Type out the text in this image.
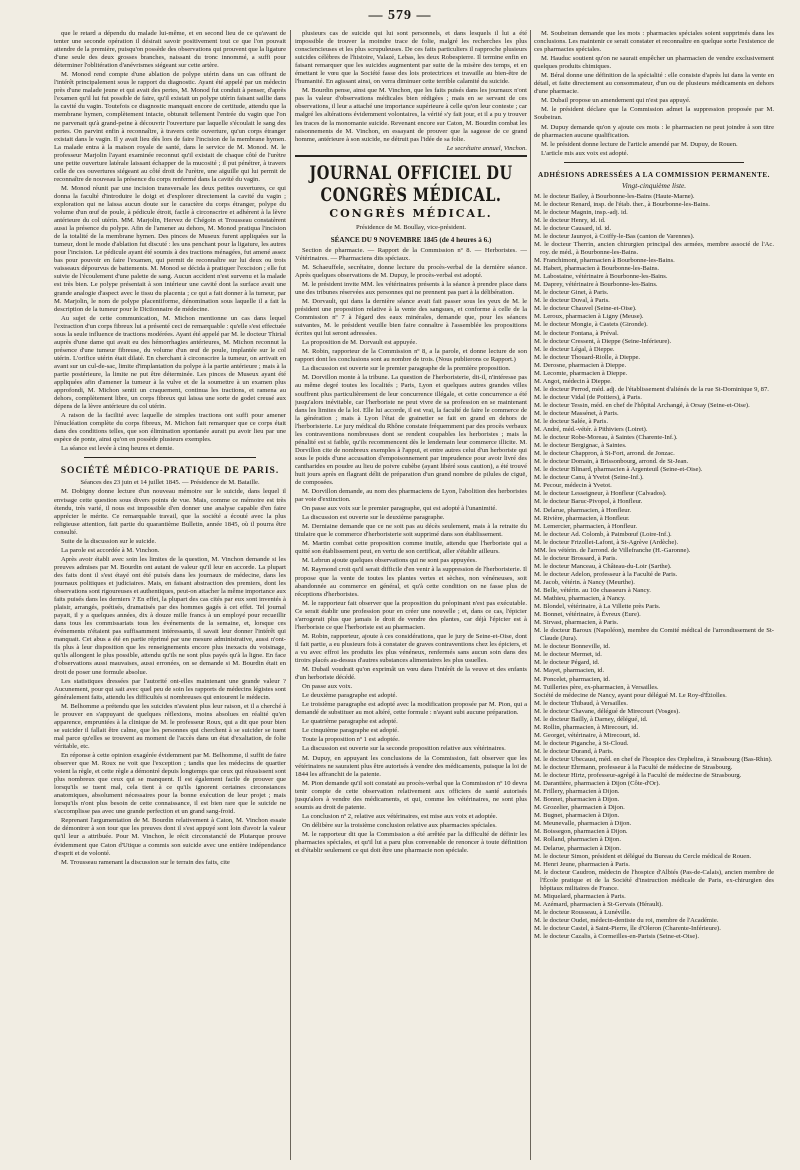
— 579 —

que le retard a dépendu du malade lui-même, et en second lieu de ce qu'avant de tenter une seconde opération il désirait savoir positivement tout ce que l'on pouvait attendre de la première, puisqu'on possède des observations qui prouvent que la ligature d'une seule des deux grosses branches, naissant du tronc innommé, a suffi pour déterminer l'oblitération d'anévrismes siégeant sur cette artère.

M. Monod rend compte d'une ablation de polype utérin dans un cas offrant de l'intérêt principalement sous le rapport du diagnostic. Ayant été appelé par un médecin près d'une malade jeune et qui avait des pertes, M. Monod fut conduit à penser, d'après l'examen qu'il lui fut possible de faire, qu'il existait un polype utérin faisant saillie dans la cavité du vagin. Toutefois ce diagnostic manquait encore de certitude, attendu que la membrane hymen, complètement intacte, obturait tellement l'entrée du vagin que l'on ne parvenait qu'à grand-peine à découvrir l'ouverture par laquelle s'écoulait le sang des pertes. On parvint enfin à reconnaître, à travers cette ouverture, qu'un corps étranger existait dans le vagin. Il y avait lieu dès lors de faire l'incision de la membrane hymen. La malade entra à la maison royale de santé, dans le service de M. Monod. M. le professeur Marjolin l'ayant examinée reconnut qu'il existait de chaque côté de l'urètre une petite ouverture latérale laissant échapper de la mucosité ; il put pénétrer, à travers celle de ces ouvertures siégeant au côté droit de l'urètre, une aiguille qui lui permit de reconnaître de nouveau la présence du corps renfermé dans la cavité du vagin.

M. Monod réunit par une incision transversale les deux petites ouvertures, ce qui donna la faculté d'introduire le doigt et d'explorer directement la cavité du vagin ; exploration qui ne laissa aucun doute sur le caractère du corps étranger, polype du volume d'un œuf de poule, à pédicule étroit, facile à circonscrire et adhérent à la lèvre antérieure du col utérin. MM. Marjolin, Hervez de Chégoin et Trousseau constatèrent aussi la présence du polype. Afin de l'amener au dehors, M. Monod pratiqua l'incision de la totalité de la membrane hymen. Des pinces de Museux furent appliquées sur la tumeur, dont le mode d'ablation fut discuté : les uns penchant pour la ligature, les autres pour l'incision. Le pédicule ayant été soumis à des tractions ménagées, fut amené assez bas pour pouvoir en faire l'examen, qui permit de reconnaître sur lui deux ou trois vaisseaux dépourvus de battements. M. Monod se décida à pratiquer l'excision ; elle fut suivie de l'écoulement d'une palette de sang. Aucun accident n'est survenu et la malade est très bien. Le polype présentait à son intérieur une cavité dont la surface avait une grande analogie d'aspect avec le tissu du placenta ; ce qui a fait donner à la tumeur, par M. Marjolin, le nom de polype placentiforme, dénomination sous laquelle il a fait la description de la tumeur pour le Dictionnaire de médecine.

Au sujet de cette communication, M. Michon mentionne un cas dans lequel l'extraction d'un corps fibreux lui a présenté ceci de remarquable : qu'elle s'est effectuée sous la seule influence de tractions modérées. Ayant été appelé par M. le docteur Thirial auprès d'une dame qui avait eu des hémorrhagies antérieures, M. Michon reconnut la présence d'une tumeur fibreuse, du volume d'un œuf de poule, implantée sur le col utérin. L'orifice utérin était dilaté. En cherchant à circonscrire la tumeur, on arrivait en avant sur un cul-de-sac, limite d'implantation du polype à la partie antérieure ; mais à la partie postérieure, la limite ne put être déterminée. Les pinces de Museux ayant été appliquées afin d'amener la tumeur à la vulve et de la soumettre à un examen plus approfondi, M. Michon sentit un craquement, continua les tractions, et ramena au dehors, complètement libre, un corps fibreux qui laissa une sorte de godet creusé aux dépens de la lèvre antérieure du col utérin.

A raison de la facilité avec laquelle de simples tractions ont suffi pour amener l'énucléation complète du corps fibreux, M. Michon fait remarquer que ce corps était dans des conditions telles, que son élimination spontanée aurait pu avoir lieu par une espèce de ponte, ainsi qu'on en possède plusieurs exemples.

La séance est levée à cinq heures et demie.

SOCIÉTÉ MÉDICO-PRATIQUE DE PARIS.

Séances des 23 juin et 14 juillet 1845. — Présidence de M. Bataille.

M. Dobigny donne lecture d'un nouveau mémoire sur le suicide, dans lequel il envisage cette question sous divers points de vue. Mais, comme ce mémoire est très étendu, très varié, il nous est impossible d'en donner une analyse capable d'en faire apprécier le mérite. Ce remarquable travail, que la société a écouté avec la plus religieuse attention, fait partie du quarantième Bulletin, année 1845, où il pourra être consulté.

Suite de la discussion sur le suicide.

La parole est accordée à M. Vinchon.

Après avoir établi avec soin les limites de la question, M. Vinchon demande si les preuves admises par M. Bourdin ont autant de valeur qu'il leur en accorde. La plupart des faits dont il s'est étayé ont été puisés dans les journaux de médecine, dans les journaux politiques et judiciaires. Mais, en faisant abstraction des premiers, dont les observations sont rigoureuses et authentiques, peut-on attacher la même importance aux faits puisés dans les derniers ? En effet, la plupart des cas cités par eux sont inventés à plaisir, arrangés, poétisés, dramatisés par des hommes gagés à cet effet. Tel journal payait, il y a quelques années, dix à douze mille francs à un employé pour recueillir dans tous les commissariats tous les événements de la semaine, et, lorsque ces événements n'étaient pas suffisamment intéressants, il savait leur donner l'intérêt qui manquait. Cet abus a été en partie réprimé par une mesure administrative, aussi n'ont-ils plus à leur disposition que les renseignements encore plus inexacts du voisinage, qu'ils allongent le plus possible, attendu qu'ils ne sont plus payés qu'à la ligne. En face d'observations aussi mauvaises, aussi erronées, on se demande si M. Bourdin était en droit de poser une formule absolue.

Les statistiques dressées par l'autorité ont-elles maintenant une grande valeur ? Aucunement, pour qui sait avec quel peu de soin les rapports de médecins légistes sont généralement faits, attendu les difficultés si nombreuses qui entourent le médecin.

M. Belhomme a prétendu que les suicides n'avaient plus leur raison, et il a cherché à le prouver en s'appuyant de quelques réflexions, moins absolues en réalité qu'en apparence, empruntées à la clinique de M. le professeur Roux, qui a dit que pour bien se suicider il fallait être calme, que les personnes qui cherchent à se suicider se tuent mal parce qu'elles se trouvent au moment de l'accès dans un état d'exaltation, de folie véritable, etc.

En réponse à cette opinion exagérée évidemment par M. Belhomme, il suffit de faire observer que M. Roux ne voit que l'exception ; tandis que les médecins de quartier voient la règle, et cette règle a démontré depuis longtemps que ceux qui réussissent sont plus nombreux que ceux qui se manquent. Il est également facile de prouver que lorsqu'ils se tuent mal, cela tient à ce qu'ils ignorent certaines circonstances anatomiques, absolument nécessaires pour la bonne exécution de leur projet ; mais lorsqu'ils n'ont plus besoin de cette connaissance, il est bien rare que le suicide ne s'accomplisse pas avec une grande perfection et un grand sang-froid.

Reprenant l'argumentation de M. Bourdin relativement à Caton, M. Vinchon essaie de démontrer à son tour que les preuves dont il s'est appuyé sont loin d'avoir la valeur qu'il leur a attribuée. Pour M. Vinchon, le récit circonstancié de Plutarque prouve évidemment que Caton d'Utique a commis son suicide avec une entière indépendance d'esprit et de volonté.

M. Trousseau ramenant la discussion sur le terrain des faits, cite

plusieurs cas de suicide qui lui sont personnels, et dans lesquels il lui a été impossible de trouver la moindre trace de folie, malgré les recherches les plus consciencieuses et les plus scrupuleuses. De ces faits particuliers il rapproche plusieurs suicides célèbres de l'histoire, Valazé, Lebas, les deux Robespierre. Il termine enfin en faisant remarquer que les suicides augmentent par suite de la misère des temps, et en émettant le vœu que la Société fasse des lois protectrices et travaille au bien-être de l'humanité. En agissant ainsi, on verra diminuer cette terrible calamité du suicide.

M. Bourdin pense, ainsi que M. Vinchon, que les faits puisés dans les journaux n'ont pas la valeur d'observations médicales bien rédigées ; mais en se servant de ces observations, il leur a attaché une importance supérieure à celle qu'on leur conteste ; car malgré les altérations évidemment volontaires, la vérité s'y fait jour, et il a pu y trouver les traces de la monomanie suicide. Revenant encore sur Caton, M. Bourdin combat les raisonnements de M. Vinchon, en essayant de prouver que la sagesse de ce grand homme, antérieure à son suicide, ne détruit pas l'idée de sa folie.

Le secrétaire annuel, Vinchon.
JOURNAL OFFICIEL DU CONGRÈS MÉDICAL.
CONGRÈS MÉDICAL.

Présidence de M. Boullay, vice-président.

SÉANCE DU 9 NOVEMBRE 1845 (de 4 heures à 6.)

Section de pharmacie. — Rapport de la Commission nº 8. — Herboristes. — Vétérinaires. — Pharmaciens dits spéciaux.

M. Schaeuffele, secrétaire, donne lecture du procès-verbal de la dernière séance. Après quelques observations de M. Dupuy, le procès-verbal est adopté.

M. le président invite MM. les vétérinaires présents à la séance à prendre place dans une des tribunes réservées aux personnes qui ne prennent pas part à la délibération.

M. Dorvault, qui dans la dernière séance avait fait passer sous les yeux de M. le président une proposition relative à la vente des sangsues, et conforme à celle de la Commission nº 7 à l'égard des eaux minérales, demande que, pour les séances suivantes, M. le président veuille bien faire connaître à l'assemblée les propositions écrites qui lui seront adressées.

La proposition de M. Dorvault est appuyée.

M. Robin, rapporteur de la Commission nº 8, a la parole, et donne lecture de son rapport dont les conclusions sont au nombre de trois. (Nous publierons ce Rapport.)

La discussion est ouverte sur le premier paragraphe de la première proposition.

M. Dorvillon monte à la tribune. La question de l'herboristerie, dit-il, n'intéresse pas au même degré toutes les localités ; Paris, Lyon et quelques autres grandes villes souffrent plus particulièrement de leur concurrence illégale, et cette concurrence a été jusqu'alors inévitable, car l'herboriste ne peut vivre de sa profession en se maintenant dans les limites de la loi. Elle lui accorde, il est vrai, la faculté de faire le commerce de la génération ; mais à Lyon l'état de grainetier se fait en grand en dehors de l'herboristerie. Le jury médical du Rhône constate fréquemment par des procès verbaux les contraventions nombreuses dont se rendent coupables les herboristes ; mais la pénalité est si faible, qu'ils recommencent dès le lendemain leur commerce illicite. M. Dorvillon cite de nombreux exemples à l'appui, et entre autres celui d'un herboriste qui sous le poids d'une accusation d'empoisonnement par imprudence pour avoir livré des cantharides en poudre au lieu de poivre cubèbe (ayant libéré sous caution), a été trouvé huit jours après en flagrant délit de préparation d'un grand nombre de pilules de ciguë, de composées.

M. Dorvillon demande, au nom des pharmaciens de Lyon, l'abolition des herboristes par voie d'extinction.

On passe aux voix sur le premier paragraphe, qui est adopté à l'unanimité.

La discussion est ouverte sur le deuxième paragraphe.

M. Derniaine demande que ce ne soit pas au décès seulement, mais à la retraite du titulaire que le commerce d'herboristerie soit supprimé dans son établissement.

M. Martin combat cette proposition comme inutile, attendu que l'herboriste qui a quitté son établissement peut, en vertu de son certificat, aller s'établir ailleurs.

M. Lebrun ajoute quelques observations qui ne sont pas appuyées.

M. Raymond croit qu'il serait difficile d'en venir à la suppression de l'herboristerie. Il propose que la vente de toutes les plantes vertes et sèches, non vénéneuses, soit abandonnée au commerce en général, et qu'à cette condition on ne fasse plus de réceptions d'herboristes.

M. le rapporteur fait observer que la proposition du préopinant n'est pas exécutable. Ce serait établir une profession pour en créer une nouvelle ; et, dans ce cas, l'épicier s'arrogerait plus que jamais le droit de vendre des plantes, car déjà l'épicier est à l'herboriste ce que l'herboriste est au pharmacien.

M. Robin, rapporteur, ajoute à ces considérations, que le jury de Seine-et-Oise, dont il fait partie, a eu plusieurs fois à constater de graves contraventions chez les épiciers, et a vu avec effroi les produits les plus vénéneux, renfermés sans aucun soin dans des tiroirs placés au-dessus d'autres substances alimentaires les plus usuelles.

M. Dubail voudrait qu'on exprimât un vœu dans l'intérêt de la veuve et des enfants d'un herboriste décédé.

On passe aux voix.

Le deuxième paragraphe est adopté.

Le troisième paragraphe est adopté avec la modification proposée par M. Pion, qui a demandé de substituer au mot altéré, cette formule : n'ayant subi aucune préparation.

Le quatrième paragraphe est adopté.

Le cinquième paragraphe est adopté.

Toute la proposition nº 1 est adoptée.

La discussion est ouverte sur la seconde proposition relative aux vétérinaires.

M. Dupuy, en appuyant les conclusions de la Commission, fait observer que les vétérinaires ne sauraient plus être autorisés à vendre des médicaments, puisque la loi de 1844 les affranchit de la patente.

M. Pion demande qu'il soit constaté au procès-verbal que la Commission nº 10 devra tenir compte de cette observation relativement aux officiers de santé autorisés jusqu'alors à vendre des médicaments, et qui, comme les vétérinaires, ne sont plus soumis au droit de patente.

La conclusion nº 2, relative aux vétérinaires, est mise aux voix et adoptée.

On délibère sur la troisième conclusion relative aux pharmacies spéciales.

M. le rapporteur dit que la Commission a été arrêtée par la difficulté de définir les pharmacies spéciales, et qu'il lui a paru plus convenable de renoncer à toute définition et d'établir seulement ce qui doit être une pharmacie non spéciale.

M. Soubeiran demande que les mots : pharmacies spéciales soient supprimés dans les conclusions. Les maintenir ce serait constater et reconnaître en quelque sorte l'existence de ces pharmacies spéciales.

M. Hauduc soutient qu'on ne saurait empêcher un pharmacien de vendre exclusivement quelques produits chimiques.

M. Béral donne une définition de la spécialité : elle consiste d'après lui dans la vente en détail, et faite directement au consommateur, d'un ou de plusieurs médicaments en dehors d'une pharmacie.

M. Dubail propose un amendement qui n'est pas appuyé.

M. le président déclare que la Commission admet la suppression proposée par M. Soubeiran.

M. Dupuy demande qu'on y ajoute ces mots : le pharmacien ne peut joindre à son titre de pharmacien aucune qualification.

M. le président donne lecture de l'article amendé par M. Dupuy, de Rouen.

L'article mis aux voix est adopté.

ADHÉSIONS ADRESSÉES A LA COMMISSION PERMANENTE.
Vingt-cinquième liste.

M. le docteur Bailey, à Bourbonne-les-Bains (Haute-Marne).

M. le docteur Renard, insp. de l'étab. ther., à Bourbonne-les-Bains.

M. le docteur Magnin, insp.-adj. id.

M. le docteur Henry, id. id.

M. le docteur Causard, id. id.

M. le docteur Jaunyot, à Coiffy-le-Bas (canton de Varennes).

M. le docteur Therrin, ancien chirurgien principal des armées, membre associé de l'Ac. roy. de méd., à Bourbonne-les-Bains.

M. Franchimont, pharmacien à Bourbonne-les-Bains.

M. Habert, pharmacien à Bourbonne-les-Bains.

M. Labostaine, vétérinaire à Bourbonne-les-Bains.

M. Daprey, vétérinaire à Bourbonne-les-Bains.

M. le docteur Ginet, à Paris.

M. le docteur Duval, à Paris.

M. le docteur Chauvel (Seine-et-Oise).

M. Leroux, pharmacien à Ligny (Meuse).

M. le docteur Mongie, à Castets (Gironde).

M. le docteur Fontana, à Préval.

M. le docteur Cressent, à Dieppe (Seine-Inférieure).

M. le docteur Légal, à Dieppe.

M. le docteur Thouard-Riolle, à Dieppe.

M. Derosne, pharmacien à Dieppe.

M. Lecomte, pharmacien à Dieppe.

M. Angot, médecin à Dieppe.

M. le docteur Perrod, méd. adj. de l'établissement d'aliénés de la rue St-Dominique 9, 87.

M. le docteur Vidal (de Poitiers), à Paris.

M. le docteur Tessin, méd. en chef de l'hôpital Archangé, à Orsay (Seine-et-Oise).

M. le docteur Massénet, à Paris.

M. le docteur Salée, à Paris.

M. André, méd.-vétér. à Pithiviers (Loiret).

M. le docteur Robe-Moreau, à Saintes (Charente-Inf.).

M. le docteur Bergignac, à Saintes.

M. le docteur Chappron, à St-Fort, arrond. de Jonzac.

M. le docteur Domain, à Brissonbourg, arrond. de St-Jean.

M. le docteur Blinard, pharmacien à Argenteuil (Seine-et-Oise).

M. le docteur Canu, à Yvetot (Seine-Inf.).

M. Pecour, médecin à Yvetot.

M. le docteur Lesseigneur, à Honfleur (Calvados).

M. le docteur Baruc-Pivopol, à Honfleur.

M. Delarue, pharmacien, à Honfleur.

M. Rivière, pharmacien, à Honfleur.

M. Lemercier, pharmacien, à Honfleur.

M. le docteur Ad. Colomb, à Paimbœuf (Loire-Inf.).

M. le docteur Frizollet-Lafont, à St-Agrève (Ardèche).

MM. les vétérin. de l'arrond. de Villefranche (H.-Garonne).

M. le docteur Brossard, à Paris.

M. le docteur Manceau, à Château-du-Loir (Sarthe).

M. le docteur Adelon, professeur à la Faculté de Paris.

M. Jacob, vétérin. à Nancy (Meurthe).

M. Belle, vétérin. au 10e chasseurs à Nancy.

M. Mathieu, pharmacien, à Nancy.

M. Blondel, vétérinaire, à La Villette près Paris.

M. Bonnet, vétérinaire, à Évreux (Eure).

M. Sirvast, pharmacien, à Paris.

M. le docteur Baroux (Napoléon), membre du Comité médical de l'arrondissement de St-Claude (Jura).

M. le docteur Bonneville, id.

M. le docteur Mermet, id.

M. le docteur Pégard, id.

M. Mayet, pharmacien, id.

M. Poncelet, pharmacien, id.

M. Tuilleries père, ex-pharmacien, à Versailles.

Société de médecine de Nancy, ayant pour délégué M. Le Roy-d'Étiolles.

M. le docteur Thibaud, à Versailles.

M. le docteur Chavane, délégué de Mirecourt (Vosges).

M. le docteur Bailly, à Darney, délégué, id.

M. Rollin, pharmacien, à Mirecourt, id.

M. Georget, vétérinaire, à Mirecourt, id.

M. le docteur Piganche, à St-Cloud.

M. le docteur Durand, à Paris.

M. le docteur Ubecaust, méd. en chef de l'hospice des Orphelins, à Strasbourg (Bas-Rhin).

M. le docteur Ehrmann, professeur à la Faculté de médecine de Strasbourg.

M. le docteur Hirtz, professeur-agrégé à la Faculté de médecine de Strasbourg.

M. Darantière, pharmacien à Dijon (Côte-d'Or).

M. Frillery, pharmacien à Dijon.

M. Bonnet, pharmacien à Dijon.

M. Grozelier, pharmacien à Dijon.

M. Bugnet, pharmacien à Dijon.

M. Meunevalle, pharmacien à Dijon.

M. Boissegon, pharmacien à Dijon.

M. Rolland, pharmacien à Dijon.

M. Delarue, pharmacien à Dijon.

M. le docteur Simon, président et délégué du Bureau du Cercle médical de Rouen.

M. Henri Jeune, pharmacien à Paris.

M. le docteur Caudron, médecin de l'hospice d'Albiés (Pas-de-Calais), ancien membre de l'École pratique et de la Société d'instruction médicale de Paris, ex-chirurgien des hôpitaux militaires de France.

M. Miquelard, pharmacien à Paris.

M. Azémard, pharmacien à St-Gervais (Hérault).

M. le docteur Rousseau, à Lunéville.

M. le docteur Oudet, médecin-dentiste du roi, membre de l'Académie.

M. le docteur Castel, à Saint-Pierre, île d'Oleron (Charente-Inférieure).

M. le docteur Cazalis, à Cormeilles-en-Parisis (Seine-et-Oise).
